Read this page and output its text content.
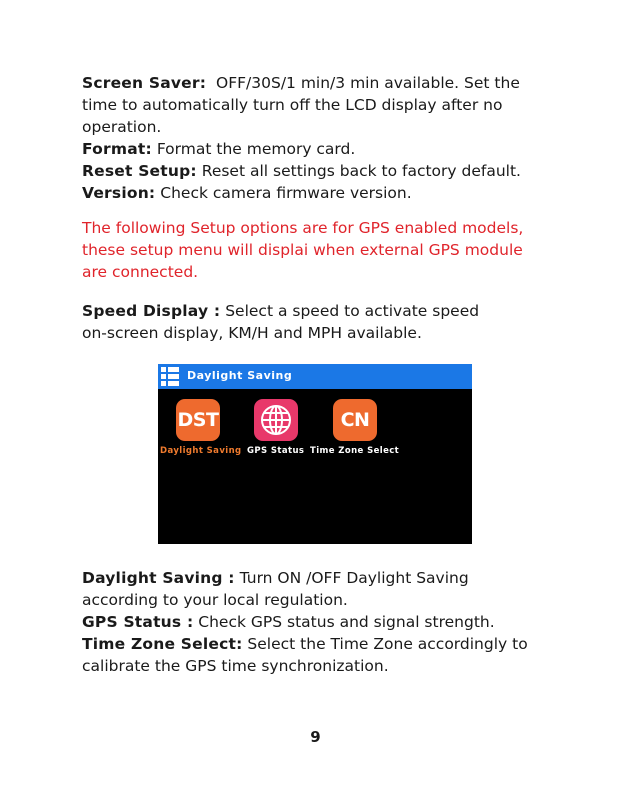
Screen Saver: OFF/30S/1 min/3 min available. Set the
time to automatically turn off the LCD display after no
operation.
Format: Format the memory card.
Reset Setup: Reset all settings back to factory default.
Version: Check camera firmware version.
The following Setup options are for GPS enabled models,
these setup menu will displai when external GPS module
are connected.
Speed Display : Select a speed to activate speed
on-screen display, KM/H and MPH available.
Daylight Saving
DST	CN
Daylight Saving GPS Status Time Zone Select
Daylight Saving : Turn ON /OFF Daylight Saving
according to your local regulation.
GPS Status : Check GPS status and signal strength.
Time Zone Select: Select the Time Zone accordingly to
calibrate the GPS time synchronization.
9
